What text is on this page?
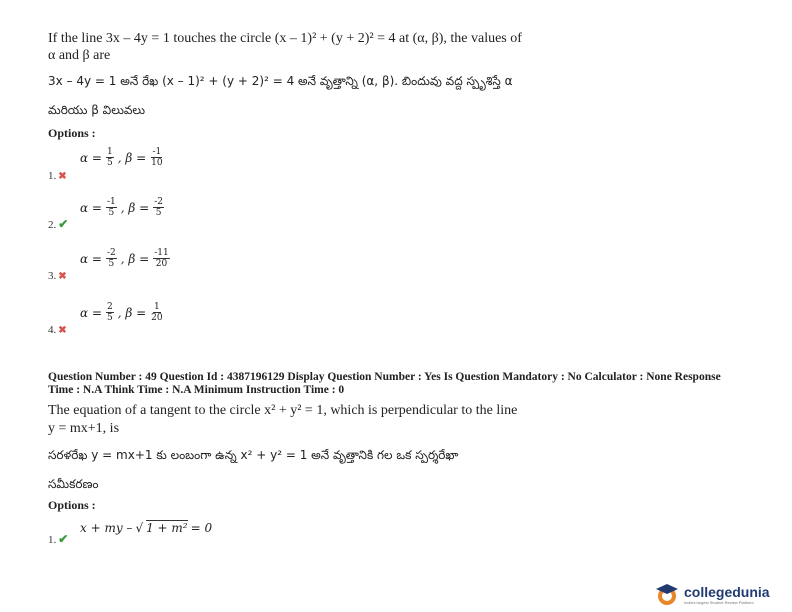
If the line 3x – 4y = 1 touches the circle (x – 1)² + (y + 2)² = 4 at (α, β), the values of
α and β are
3x – 4y = 1 అనే రేఖ (x – 1)² + (y + 2)² = 4 అనే వృత్తాన్ని (α, β). బిందువు వద్ద స్పృశిస్తే α
మరియు β విలువలు
Options :
1. ✖
$\alpha = \frac{1}{5}$ , $\beta = \frac{-1}{10}$
2. ✔
$\alpha = \frac{-1}{5}$ , $\beta = \frac{-2}{5}$
3. ✖
$\alpha = \frac{-2}{5}$ , $\beta = \frac{-11}{20}$
4. ✖
$\alpha = \frac{2}{5}$ , $\beta = \frac{1}{20}$
Question Number : 49 Question Id : 4387196129 Display Question Number : Yes Is Question Mandatory : No Calculator : None Response
Time : N.A Think Time : N.A Minimum Instruction Time : 0
The equation of a tangent to the circle x² + y² = 1, which is perpendicular to the line
y = mx+1, is
సరళరేఖ y = mx+1 కు లంబంగా ఉన్న x² + y² = 1 అనే వృత్తానికి గల ఒక స్పర్శరేఖా
సమీకరణం
Options :
1. ✔
x + my – √ 1 + m² = 0
collegedunia
India's largest Student Review Platform
